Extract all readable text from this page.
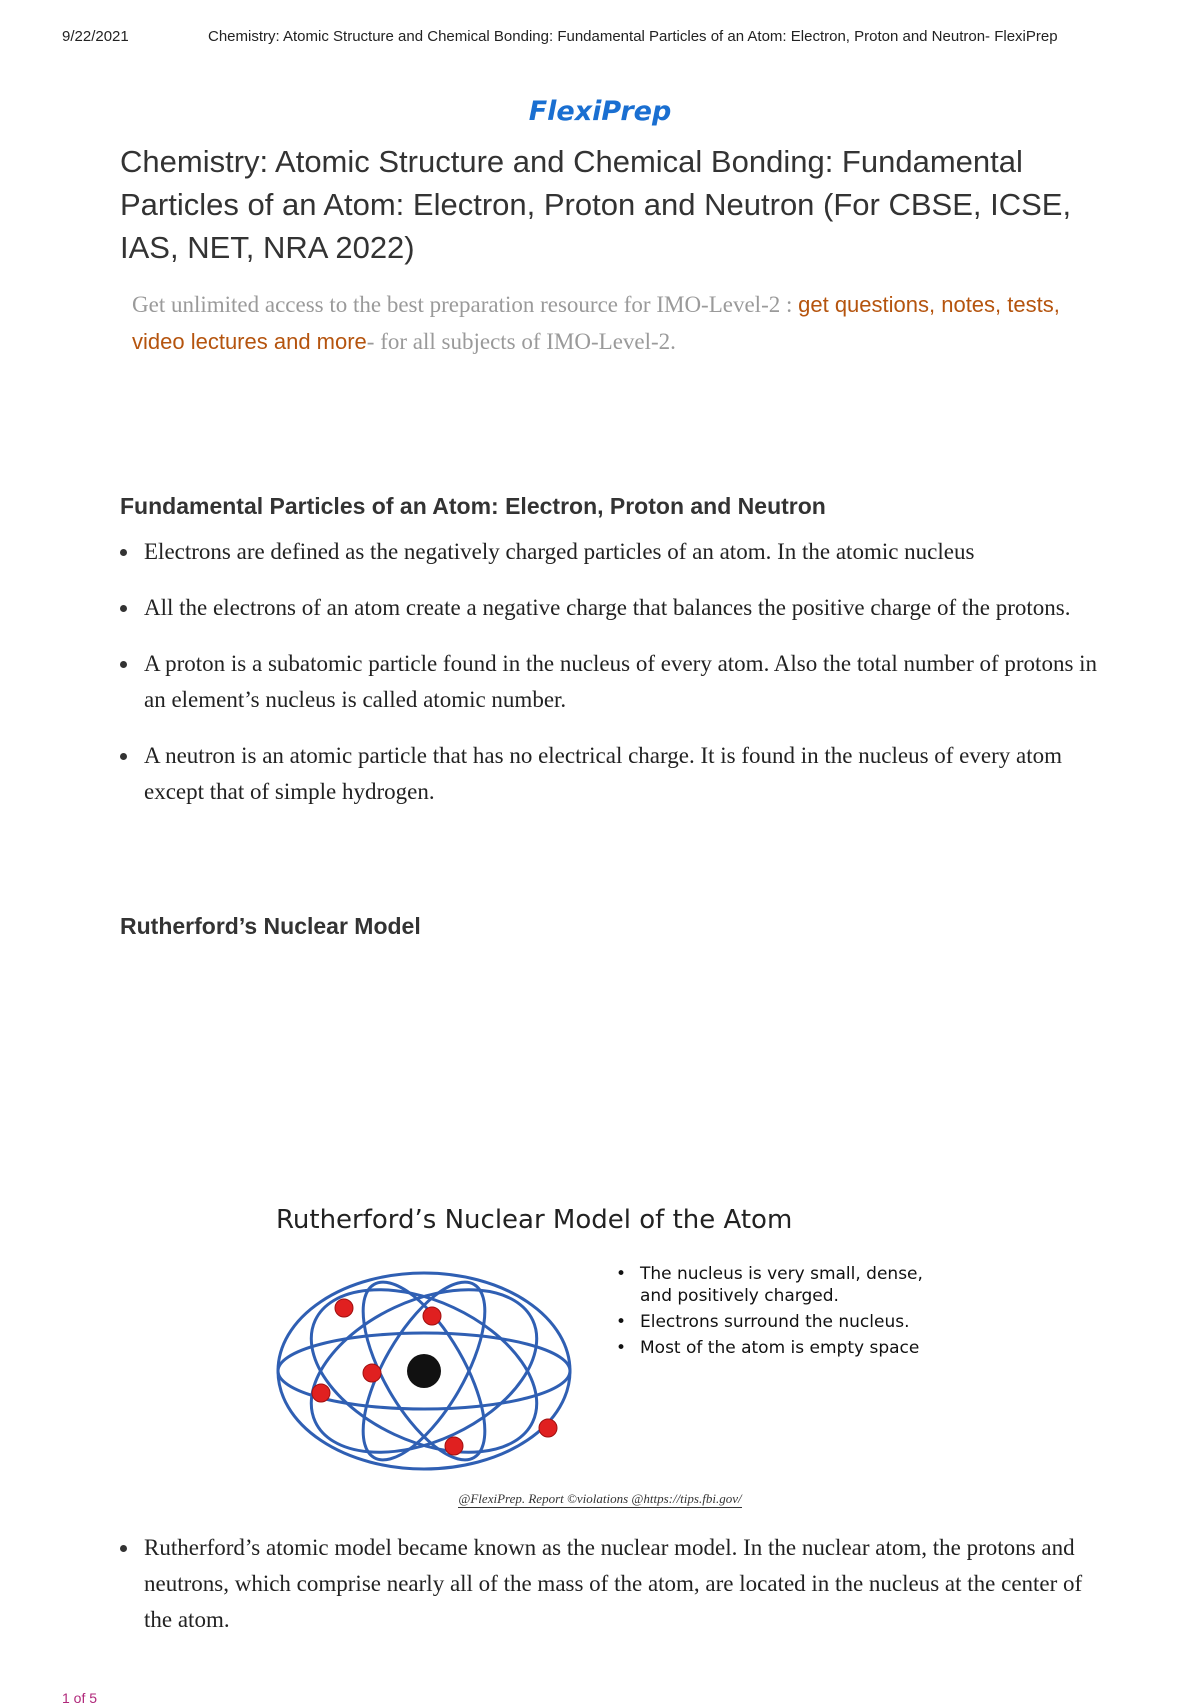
9/22/2021	Chemistry: Atomic Structure and Chemical Bonding: Fundamental Particles of an Atom: Electron, Proton and Neutron- FlexiPrep
FlexiPrep
Chemistry: Atomic Structure and Chemical Bonding: Fundamental Particles of an Atom: Electron, Proton and Neutron (For CBSE, ICSE, IAS, NET, NRA 2022)
Get unlimited access to the best preparation resource for IMO-Level-2 : get questions, notes, tests, video lectures and more- for all subjects of IMO-Level-2.
Fundamental Particles of an Atom: Electron, Proton and Neutron
Electrons are defined as the negatively charged particles of an atom. In the atomic nucleus
All the electrons of an atom create a negative charge that balances the positive charge of the protons.
A proton is a subatomic particle found in the nucleus of every atom. Also the total number of protons in an element’s nucleus is called atomic number.
A neutron is an atomic particle that has no electrical charge. It is found in the nucleus of every atom except that of simple hydrogen.
Rutherford’s Nuclear Model
Rutherford’s Nuclear Model of the Atom
• The nucleus is very small, dense, and positively charged.
• Electrons surround the nucleus.
• Most of the atom is empty space
@FlexiPrep. Report ©violations @https://tips.fbi.gov/
Rutherford’s atomic model became known as the nuclear model. In the nuclear atom, the protons and neutrons, which comprise nearly all of the mass of the atom, are located in the nucleus at the center of the atom.
1 of 5
